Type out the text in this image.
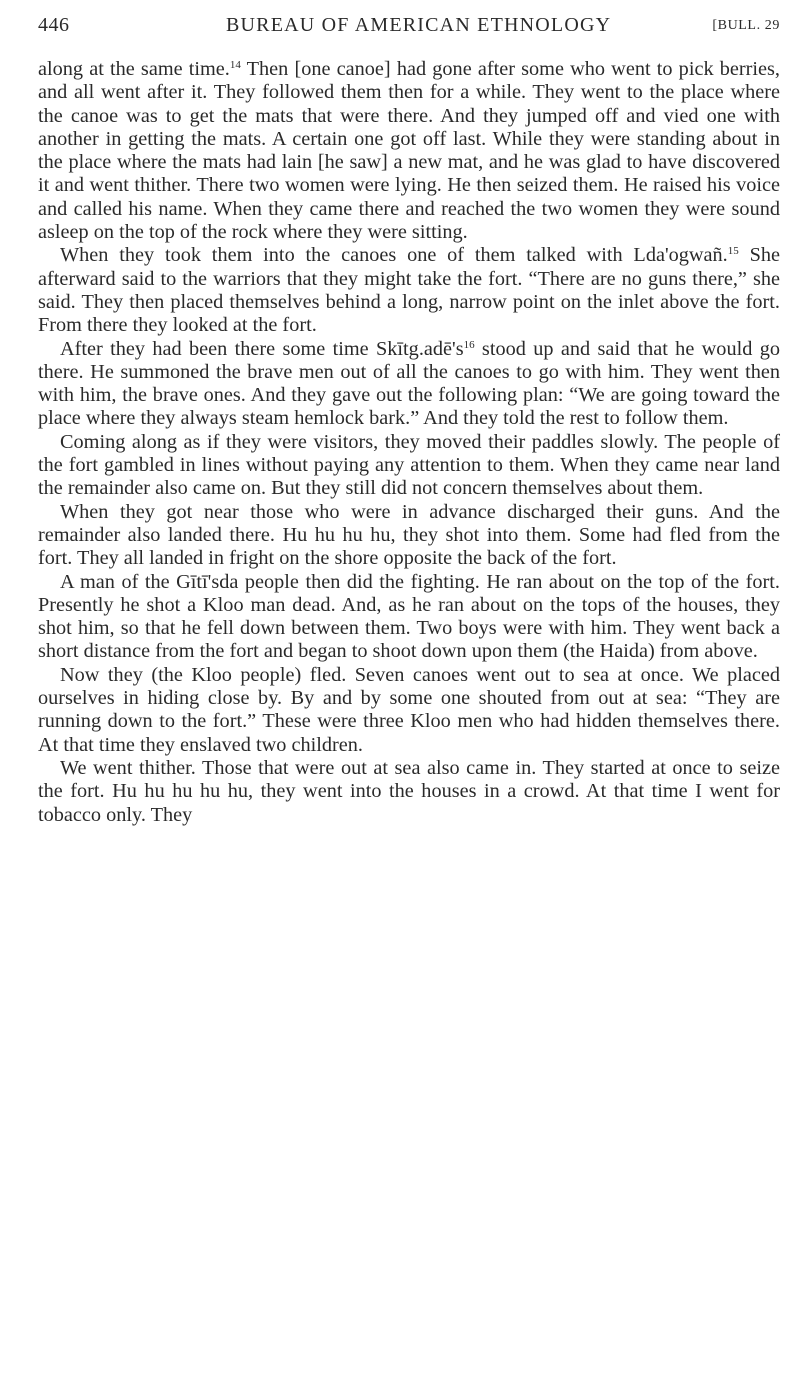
446	BUREAU OF AMERICAN ETHNOLOGY	[BULL. 29

along at the same time.$^{14}$ Then [one canoe] had gone after some who went to pick berries, and all went after it. They followed them then for a while. They went to the place where the canoe was to get the mats that were there. And they jumped off and vied one with another in getting the mats. A certain one got off last. While they were standing about in the place where the mats had lain [he saw] a new mat, and he was glad to have discovered it and went thither. There two women were lying. He then seized them. He raised his voice and called his name. When they came there and reached the two women they were sound asleep on the top of the rock where they were sitting.

When they took them into the canoes one of them talked with Lda'ogwañ.$^{15}$ She afterward said to the warriors that they might take the fort. “There are no guns there,” she said. They then placed themselves behind a long, narrow point on the inlet above the fort. From there they looked at the fort.

After they had been there some time $Skītg.adē's^{16}$ stood up and said that he would go there. He summoned the brave men out of all the canoes to go with him. They went then with him, the brave ones. And they gave out the following plan: “We are going toward the place where they always steam hemlock bark.” And they told the rest to follow them.

Coming along as if they were visitors, they moved their paddles slowly. The people of the fort gambled in lines without paying any attention to them. When they came near land the remainder also came on. But they still did not concern themselves about them.

When they got near those who were in advance discharged their guns. And the remainder also landed there. Hu hu hu hu, they shot into them. Some had fled from the fort. They all landed in fright on the shore opposite the back of the fort.

A man of the Gītī'sda people then did the fighting. He ran about on the top of the fort. Presently he shot a Kloo man dead. And, as he ran about on the tops of the houses, they shot him, so that he fell down between them. Two boys were with him. They went back a short distance from the fort and began to shoot down upon them (the Haida) from above.

Now they (the Kloo people) fled. Seven canoes went out to sea at once. We placed ourselves in hiding close by. By and by some one shouted from out at sea: “They are running down to the fort.” These were three Kloo men who had hidden themselves there. At that time they enslaved two children.

We went thither. Those that were out at sea also came in. They started at once to seize the fort. Hu hu hu hu hu, they went into the houses in a crowd. At that time I went for tobacco only. They
